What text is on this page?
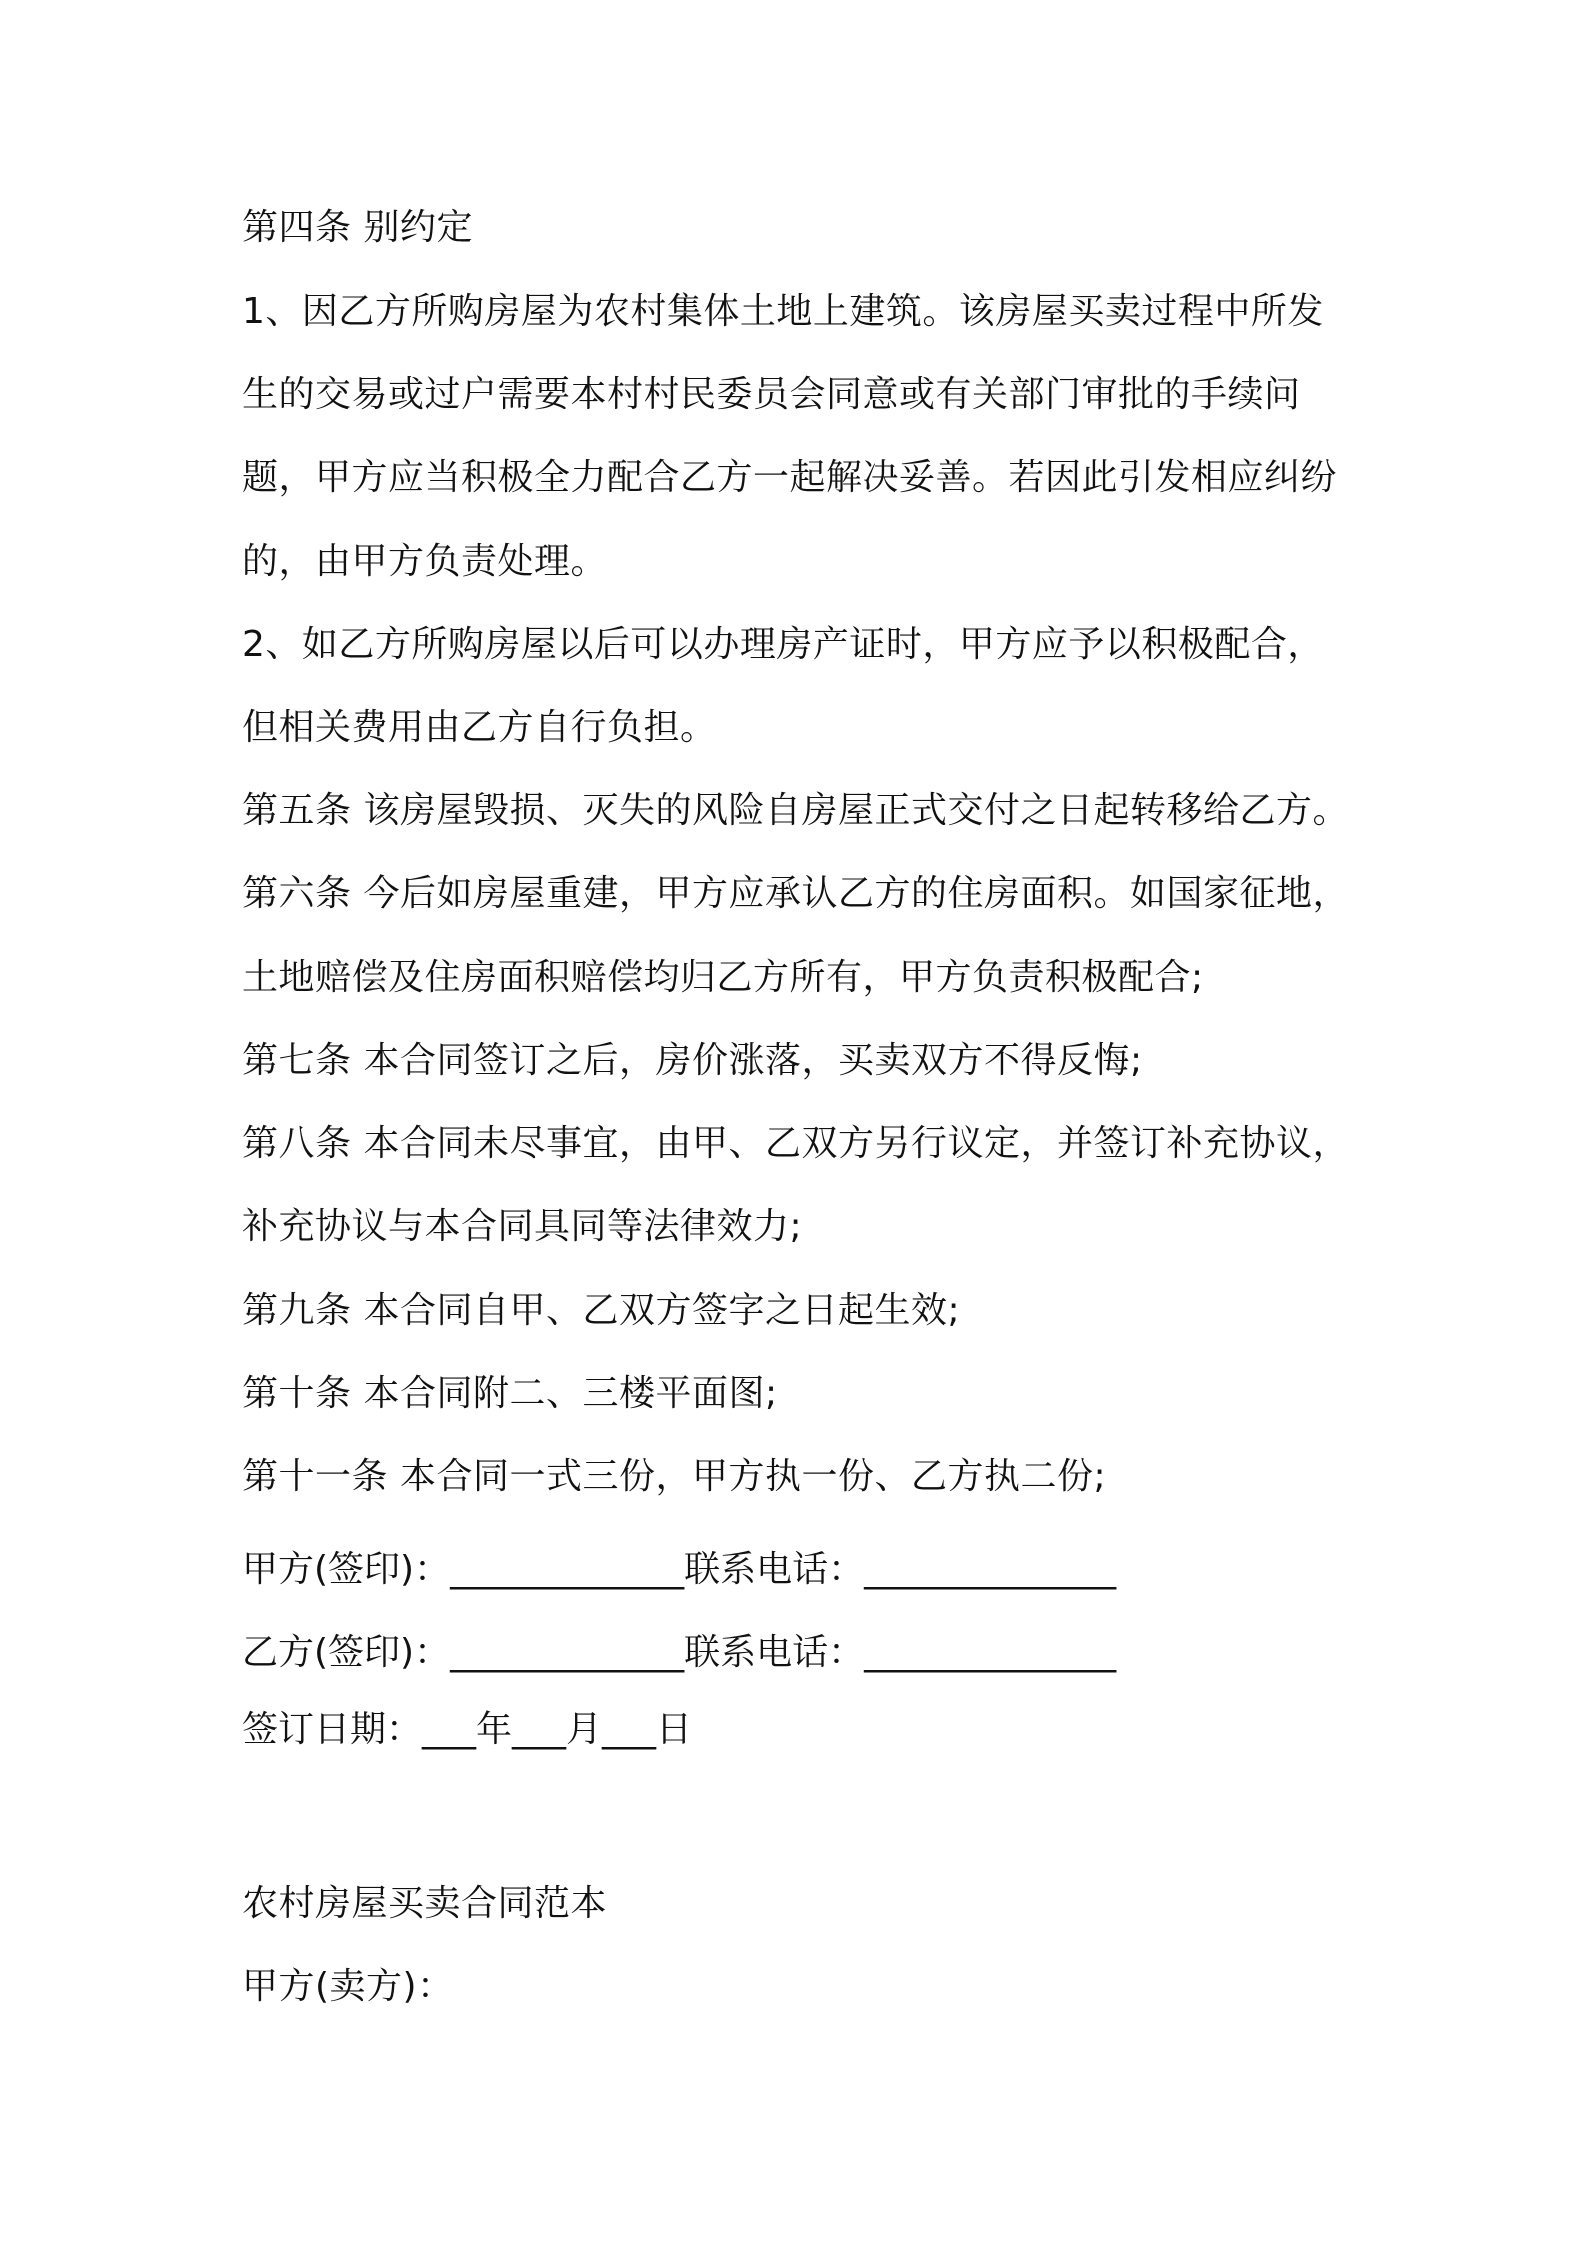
第四条 别约定
1、因乙方所购房屋为农村集体土地上建筑。该房屋买卖过程中所发
生的交易或过户需要本村村民委员会同意或有关部门审批的手续问
题，甲方应当积极全力配合乙方一起解决妥善。若因此引发相应纠纷
的，由甲方负责处理。
2、如乙方所购房屋以后可以办理房产证时，甲方应予以积极配合，
但相关费用由乙方自行负担。
第五条 该房屋毁损、灭失的风险自房屋正式交付之日起转移给乙方。
第六条 今后如房屋重建，甲方应承认乙方的住房面积。如国家征地，
土地赔偿及住房面积赔偿均归乙方所有，甲方负责积极配合;
第七条 本合同签订之后，房价涨落，买卖双方不得反悔;
第八条 本合同未尽事宜，由甲、乙双方另行议定，并签订补充协议，
补充协议与本合同具同等法律效力;
第九条 本合同自甲、乙双方签字之日起生效;
第十条 本合同附二、三楼平面图;
第十一条 本合同一式三份，甲方执一份、乙方执二份;
甲方(签印)：_____________联系电话：______________
乙方(签印)：_____________联系电话：______________
签订日期：___年___月___日
农村房屋买卖合同范本
甲方(卖方)：
